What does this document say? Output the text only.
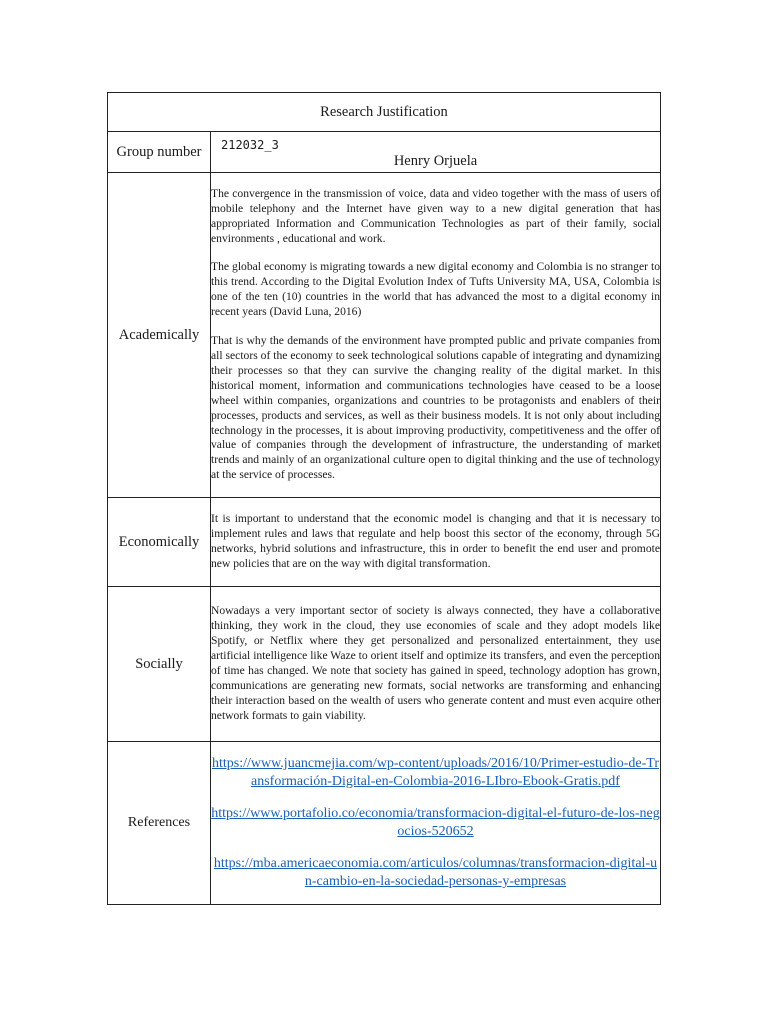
Research Justification	

Group number	212032_3
Henry Orjuela

Academically	The convergence in the transmission of voice, data and video together with the mass of users of mobile telephony and the Internet have given way to a new digital generation that has appropriated Information and Communication Technologies as part of their family, social environments , educational and work.

The global economy is migrating towards a new digital economy and Colombia is no stranger to this trend. According to the Digital Evolution Index of Tufts University MA, USA, Colombia is one of the ten (10) countries in the world that has advanced the most to a digital economy in recent years (David Luna, 2016)

That is why the demands of the environment have prompted public and private companies from all sectors of the economy to seek technological solutions capable of integrating and dynamizing their processes so that they can survive the changing reality of the digital market. In this historical moment, information and communications technologies have ceased to be a loose wheel within companies, organizations and countries to be protagonists and enablers of their processes, products and services, as well as their business models. It is not only about including technology in the processes, it is about improving productivity, competitiveness and the offer of value of companies through the development of infrastructure, the understanding of market trends and mainly of an organizational culture open to digital thinking and the use of technology at the service of processes.

Economically	It is important to understand that the economic model is changing and that it is necessary to implement rules and laws that regulate and help boost this sector of the economy, through 5G networks, hybrid solutions and infrastructure, this in order to benefit the end user and promote new policies that are on the way with digital transformation.

Socially	Nowadays a very important sector of society is always connected, they have a collaborative thinking, they work in the cloud, they use economies of scale and they adopt models like Spotify, or Netflix where they get personalized and personalized entertainment, they use artificial intelligence like Waze to orient itself and optimize its transfers, and even the perception of time has changed. We note that society has gained in speed, technology adoption has grown, communications are generating new formats, social networks are transforming and enhancing their interaction based on the wealth of users who generate content and must even acquire other network formats to gain viability.

References	https://www.juancmejia.com/wp-content/uploads/2016/10/Primer-estudio-de-Transformación-Digital-en-Colombia-2016-LIbro-Ebook-Gratis.pdf
https://www.portafolio.co/economia/transformacion-digital-el-futuro-de-los-negocios-520652
https://mba.americaeconomia.com/articulos/columnas/transformacion-digital-un-cambio-en-la-sociedad-personas-y-empresas
